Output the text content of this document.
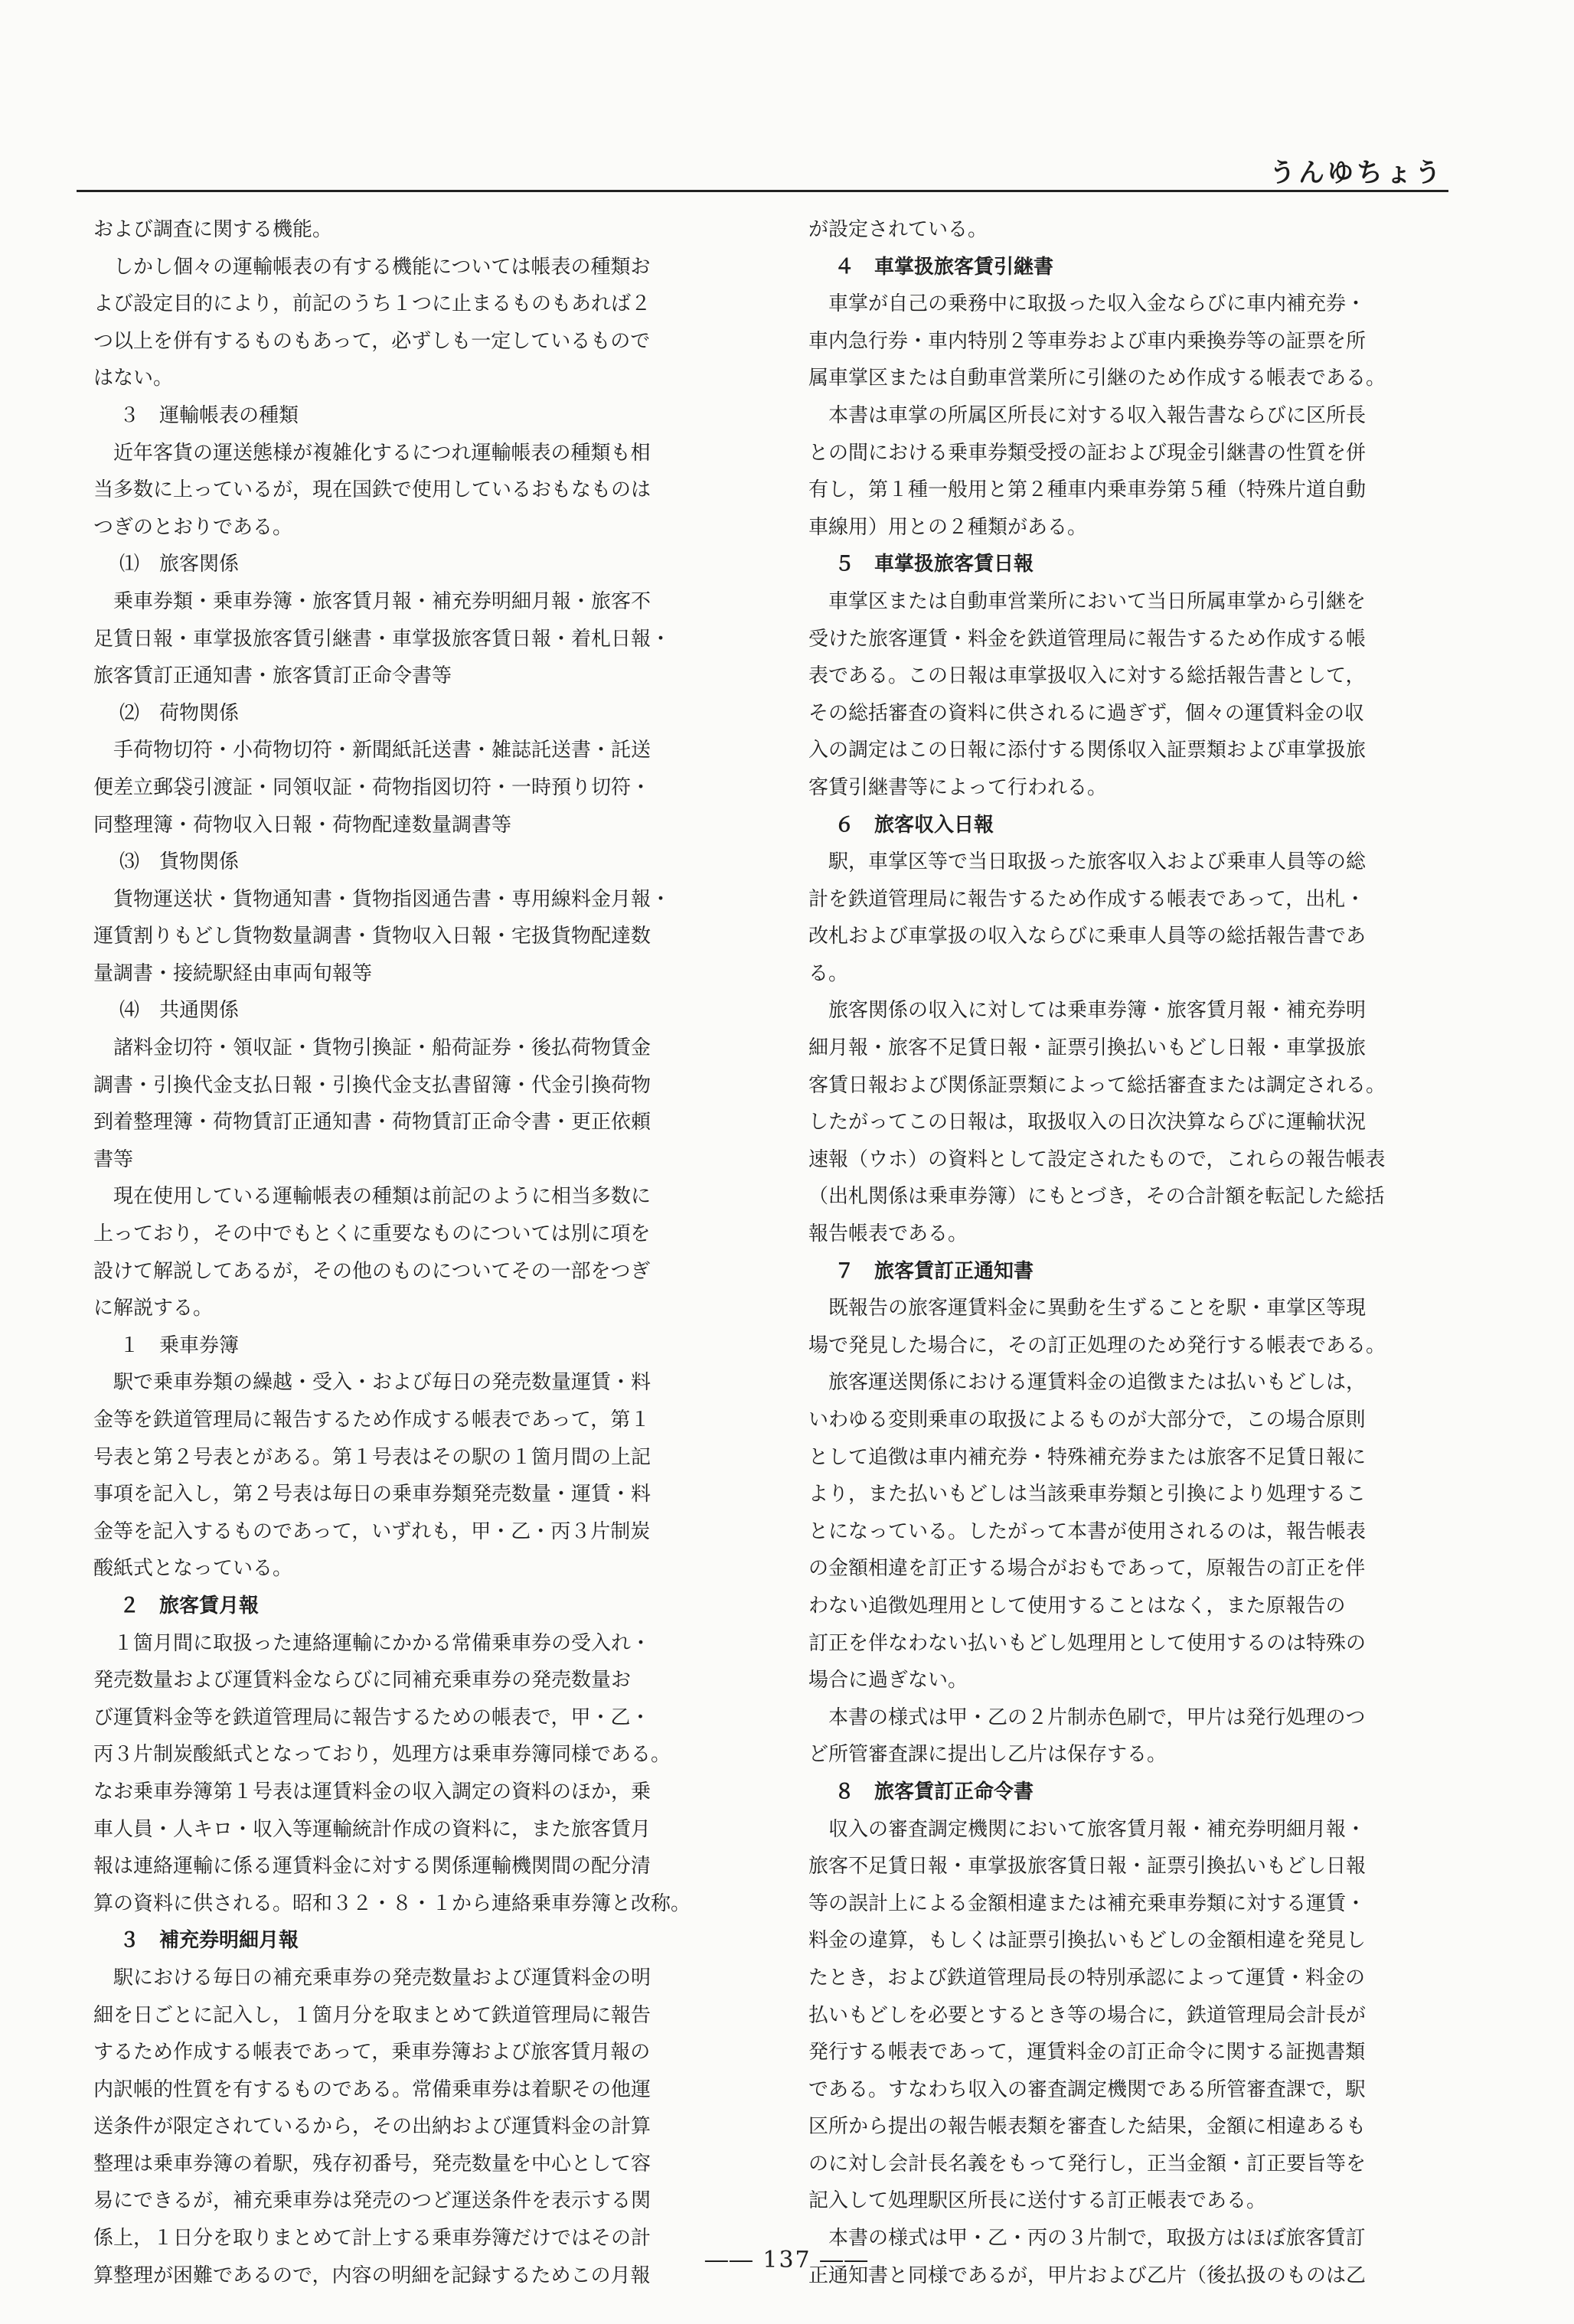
うんゆちょう
および調査に関する機能。
しかし個々の運輸帳表の有する機能については帳表の種類お
よび設定目的により，前記のうち１つに止まるものもあれば２
つ以上を併有するものもあって，必ずしも一定しているもので
はない。
３　運輸帳表の種類
近年客貨の運送態様が複雑化するにつれ運輸帳表の種類も相
当多数に上っているが，現在国鉄で使用しているおもなものは
つぎのとおりである。
⑴　旅客関係
乗車券類・乗車券簿・旅客賃月報・補充券明細月報・旅客不
足賃日報・車掌扱旅客賃引継書・車掌扱旅客賃日報・着札日報・
旅客賃訂正通知書・旅客賃訂正命令書等
⑵　荷物関係
手荷物切符・小荷物切符・新聞紙託送書・雑誌託送書・託送
便差立郵袋引渡証・同領収証・荷物指図切符・一時預り切符・
同整理簿・荷物収入日報・荷物配達数量調書等
⑶　貨物関係
貨物運送状・貨物通知書・貨物指図通告書・専用線料金月報・
運賃割りもどし貨物数量調書・貨物収入日報・宅扱貨物配達数
量調書・接続駅経由車両旬報等
⑷　共通関係
諸料金切符・領収証・貨物引換証・船荷証券・後払荷物賃金
調書・引換代金支払日報・引換代金支払書留簿・代金引換荷物
到着整理簿・荷物賃訂正通知書・荷物賃訂正命令書・更正依頼
書等
現在使用している運輸帳表の種類は前記のように相当多数に
上っており，その中でもとくに重要なものについては別に項を
設けて解説してあるが，その他のものについてその一部をつぎ
に解説する。
１　乗車券簿
駅で乗車券類の繰越・受入・および毎日の発売数量運賃・料
金等を鉄道管理局に報告するため作成する帳表であって，第１
号表と第２号表とがある。第１号表はその駅の１箇月間の上記
事項を記入し，第２号表は毎日の乗車券類発売数量・運賃・料
金等を記入するものであって，いずれも，甲・乙・丙３片制炭
酸紙式となっている。
２　旅客賃月報
１箇月間に取扱った連絡運輸にかかる常備乗車券の受入れ・
発売数量および運賃料金ならびに同補充乗車券の発売数量お
び運賃料金等を鉄道管理局に報告するための帳表で，甲・乙・
丙３片制炭酸紙式となっており，処理方は乗車券簿同様である。
なお乗車券簿第１号表は運賃料金の収入調定の資料のほか，乗
車人員・人キロ・収入等運輸統計作成の資料に，また旅客賃月
報は連絡運輸に係る運賃料金に対する関係運輸機関間の配分清
算の資料に供される。昭和３２・８・１から連絡乗車券簿と改称。
３　補充券明細月報
駅における毎日の補充乗車券の発売数量および運賃料金の明
細を日ごとに記入し，１箇月分を取まとめて鉄道管理局に報告
するため作成する帳表であって，乗車券簿および旅客賃月報の
内訳帳的性質を有するものである。常備乗車券は着駅その他運
送条件が限定されているから，その出納および運賃料金の計算
整理は乗車券簿の着駅，残存初番号，発売数量を中心として容
易にできるが，補充乗車券は発売のつど運送条件を表示する関
係上，１日分を取りまとめて計上する乗車券簿だけではその計
算整理が困難であるので，内容の明細を記録するためこの月報
が設定されている。
４　車掌扱旅客賃引継書
車掌が自己の乗務中に取扱った収入金ならびに車内補充券・
車内急行券・車内特別２等車券および車内乗換券等の証票を所
属車掌区または自動車営業所に引継のため作成する帳表である。
本書は車掌の所属区所長に対する収入報告書ならびに区所長
との間における乗車券類受授の証および現金引継書の性質を併
有し，第１種一般用と第２種車内乗車券第５種（特殊片道自動
車線用）用との２種類がある。
５　車掌扱旅客賃日報
車掌区または自動車営業所において当日所属車掌から引継を
受けた旅客運賃・料金を鉄道管理局に報告するため作成する帳
表である。この日報は車掌扱収入に対する総括報告書として，
その総括審査の資料に供されるに過ぎず，個々の運賃料金の収
入の調定はこの日報に添付する関係収入証票類および車掌扱旅
客賃引継書等によって行われる。
６　旅客収入日報
駅，車掌区等で当日取扱った旅客収入および乗車人員等の総
計を鉄道管理局に報告するため作成する帳表であって，出札・
改札および車掌扱の収入ならびに乗車人員等の総括報告書であ
る。
旅客関係の収入に対しては乗車券簿・旅客賃月報・補充券明
細月報・旅客不足賃日報・証票引換払いもどし日報・車掌扱旅
客賃日報および関係証票類によって総括審査または調定される。
したがってこの日報は，取扱収入の日次決算ならびに運輸状況
速報（ウホ）の資料として設定されたもので，これらの報告帳表
（出札関係は乗車券簿）にもとづき，その合計額を転記した総括
報告帳表である。
７　旅客賃訂正通知書
既報告の旅客運賃料金に異動を生ずることを駅・車掌区等現
場で発見した場合に，その訂正処理のため発行する帳表である。
旅客運送関係における運賃料金の追徴または払いもどしは，
いわゆる変則乗車の取扱によるものが大部分で，この場合原則
として追徴は車内補充券・特殊補充券または旅客不足賃日報に
より，また払いもどしは当該乗車券類と引換により処理するこ
とになっている。したがって本書が使用されるのは，報告帳表
の金額相違を訂正する場合がおもであって，原報告の訂正を伴
わない追徴処理用として使用することはなく，また原報告の
訂正を伴なわない払いもどし処理用として使用するのは特殊の
場合に過ぎない。
本書の様式は甲・乙の２片制赤色刷で，甲片は発行処理のつ
ど所管審査課に提出し乙片は保存する。
８　旅客賃訂正命令書
収入の審査調定機関において旅客賃月報・補充券明細月報・
旅客不足賃日報・車掌扱旅客賃日報・証票引換払いもどし日報
等の誤計上による金額相違または補充乗車券類に対する運賃・
料金の違算，もしくは証票引換払いもどしの金額相違を発見し
たとき，および鉄道管理局長の特別承認によって運賃・料金の
払いもどしを必要とするとき等の場合に，鉄道管理局会計長が
発行する帳表であって，運賃料金の訂正命令に関する証拠書類
である。すなわち収入の審査調定機関である所管審査課で，駅
区所から提出の報告帳表類を審査した結果，金額に相違あるも
のに対し会計長名義をもって発行し，正当金額・訂正要旨等を
記入して処理駅区所長に送付する訂正帳表である。
本書の様式は甲・乙・丙の３片制で，取扱方はほぼ旅客賃訂
正通知書と同様であるが，甲片および乙片（後払扱のものは乙
―― 137 ――
